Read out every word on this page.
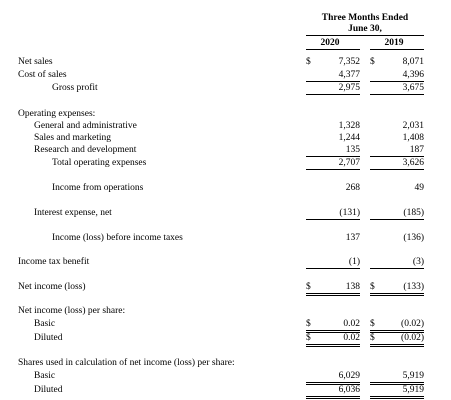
Three Months Ended
June 30,
2020	2019
Net sales	$	7,352 $	8,071
Cost of sales	4,377	4,396
Gross profit	2,975	3,675
Operating expenses:
General and administrative	1,328	2,031
Sales and marketing	1,244	1,408
Research and development	135	187
Total operating expenses	2,707	3,626
Income from operations	268	49
Interest expense, net	(131)	(185)
Income (loss) before income taxes	137	(136)
Income tax benefit	(1)	(3)
Net income (loss)	$	138 $	(133)
Net income (loss) per share:
Basic	$	0.02 $	(0.02)
Diluted	$	0.02 $	(0.02)
Shares used in calculation of net income (loss) per share:
Basic	6,029	5,919
Diluted	6,036	5,919
